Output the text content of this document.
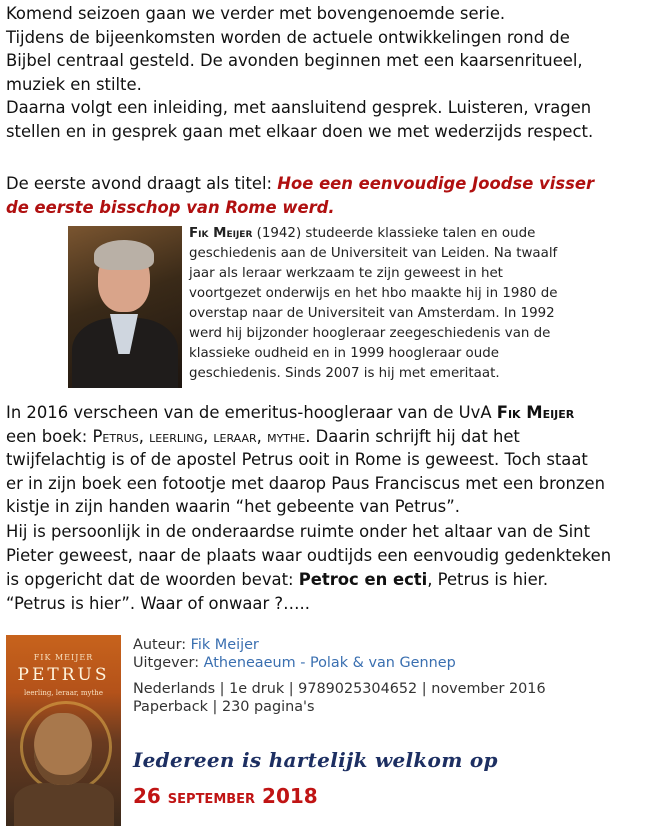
Komend seizoen gaan we verder met bovengenoemde serie.

Tijdens de bijeenkomsten worden de actuele ontwikkelingen rond de

Bijbel centraal gesteld. De avonden beginnen met een kaarsenritueel,

muziek en stilte.

Daarna volgt een inleiding, met aansluitend gesprek. Luisteren, vragen

stellen en in gesprek gaan met elkaar doen we met wederzijds respect.

De eerste avond draagt als titel: Hoe een eenvoudige Joodse visser

de eerste bisschop van Rome werd.

Fik Meijer (1942) studeerde klassieke talen en oude
geschiedenis aan de Universiteit van Leiden. Na twaalf
jaar als leraar werkzaam te zijn geweest in het
voortgezet onderwijs en het hbo maakte hij in 1980 de
overstap naar de Universiteit van Amsterdam. In 1992
werd hij bijzonder hoogleraar zeegeschiedenis van de
klassieke oudheid en in 1999 hoogleraar oude
geschiedenis. Sinds 2007 is hij met emeritaat.

In 2016 verscheen van de emeritus-hoogleraar van de UvA Fik Meijer

een boek: Petrus, leerling, leraar, mythe. Daarin schrijft hij dat het

twijfelachtig is of de apostel Petrus ooit in Rome is geweest. Toch staat

er in zijn boek een fotootje met daarop Paus Franciscus met een bronzen

kistje in zijn handen waarin “het gebeente van Petrus”.

Hij is persoonlijk in de onderaardse ruimte onder het altaar van de Sint

Pieter geweest, naar de plaats waar oudtijds een eenvoudig gedenkteken

is opgericht dat de woorden bevat: Petroc en ecti, Petrus is hier.

“Petrus is hier”. Waar of onwaar ?…..

FIK MEIJER
PETRUS
leerling, leraar, mythe
Auteur: Fik Meijer
Uitgever: Atheneaeum - Polak & van Gennep
Nederlands | 1e druk | 9789025304652 | november 2016
Paperback | 230 pagina's
Iedereen is hartelijk welkom op
26 september 2018
